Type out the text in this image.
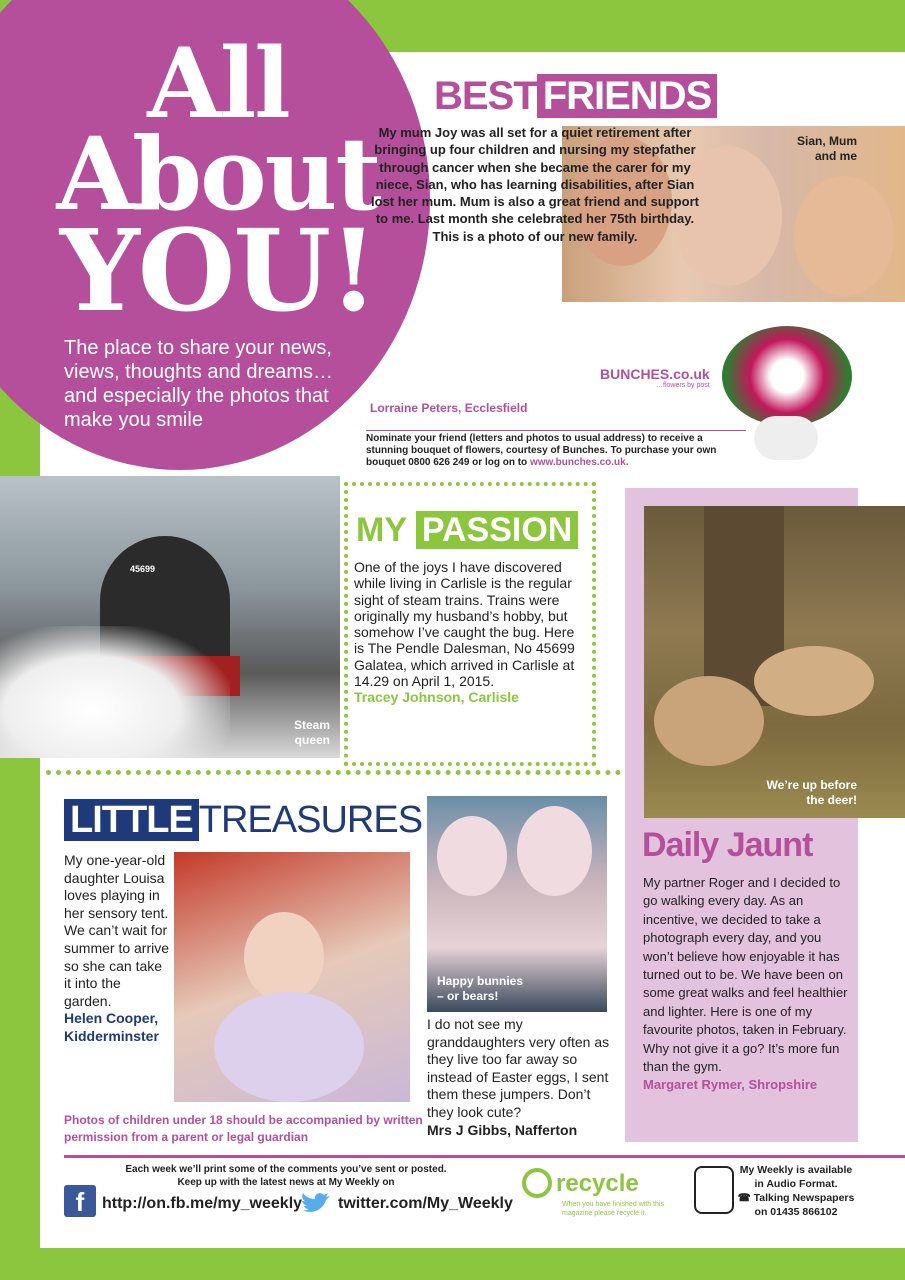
All
About
YOU!
The place to share your news, views, thoughts and dreams… and especially the photos that make you smile
BEST FRIENDS
Sian, Mum
and me
My mum Joy was all set for a quiet retirement after bringing up four children and nursing my stepfather through cancer when she became the carer for my niece, Sian, who has learning disabilities, after Sian lost her mum. Mum is also a great friend and support to me. Last month she celebrated her 75th birthday. This is a photo of our new family.
Lorraine Peters, Ecclesfield
BUNCHES.co.uk
…flowers by post
Nominate your friend (letters and photos to usual address) to receive a stunning bouquet of flowers, courtesy of Bunches. To purchase your own bouquet 0800 626 249 or log on to www.bunches.co.uk.
45699
Steam
queen
MY PASSION
One of the joys I have discovered while living in Carlisle is the regular sight of steam trains. Trains were originally my husband’s hobby, but somehow I’ve caught the bug. Here is The Pendle Dalesman, No 45699 Galatea, which arrived in Carlisle at 14.29 on April 1, 2015.
Tracey Johnson, Carlisle
We’re up before
the deer!
Daily Jaunt
My partner Roger and I decided to go walking every day. As an incentive, we decided to take a photograph every day, and you won’t believe how enjoyable it has turned out to be. We have been on some great walks and feel healthier and lighter. Here is one of my favourite photos, taken in February. Why not give it a go? It’s more fun than the gym.
Margaret Rymer, Shropshire
LITTLE TREASURES
My one-year-old daughter Louisa loves playing in her sensory tent. We can’t wait for summer to arrive so she can take it into the garden.
Helen Cooper,
Kidderminster
Photos of children under 18 should be accompanied by written permission from a parent or legal guardian
Happy bunnies
– or bears!
I do not see my granddaughters very often as they live too far away so instead of Easter eggs, I sent them these jumpers. Don’t they look cute?
Mrs J Gibbs, Nafferton
Each week we’ll print some of the comments you’ve sent or posted.
Keep up with the latest news at My Weekly on
f	http://on.fb.me/my_weekly twitter.com/My_Weekly
recycle
When you have finished with this magazine please recycle it.
My Weekly is available
in Audio Format.
☎ Talking Newspapers
on 01435 866102
